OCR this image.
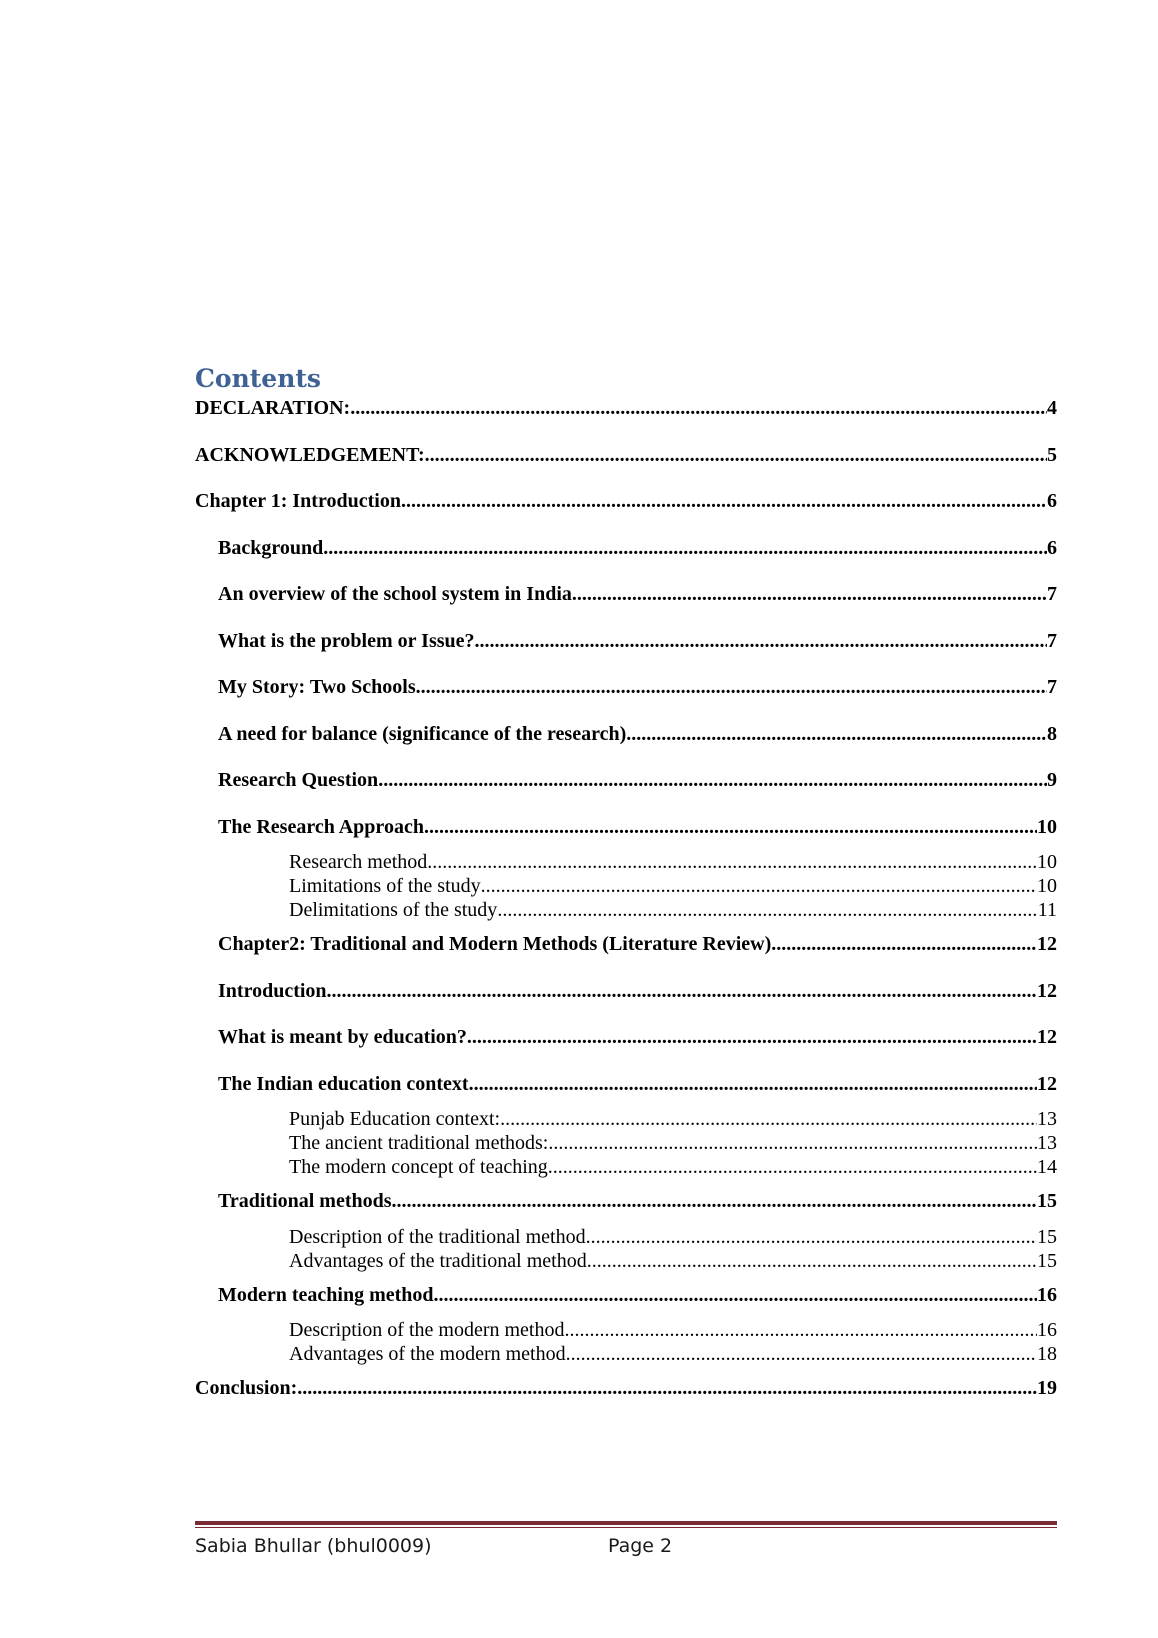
Contents
DECLARATION: .....	4
ACKNOWLEDGEMENT: .....	5
Chapter 1: Introduction .....	6
Background .....	6
An overview of the school system in India .....	7
What is the problem or Issue? .....	7
My Story: Two Schools .....	7
A need for balance (significance of the research) .....	8
Research Question .....	9
The Research Approach .....	10
Research method .....	10
Limitations of the study .....	10
Delimitations of the study .....	11
Chapter2: Traditional and Modern Methods (Literature Review) .....	12
Introduction .....	12
What is meant by education? .....	12
The Indian education context .....	12
Punjab Education context: .....	13
The ancient traditional methods: .....	13
The modern concept of teaching .....	14
Traditional methods .....	15
Description of the traditional method .....	15
Advantages of the traditional method .....	15
Modern teaching method .....	16
Description of the modern method .....	16
Advantages of the modern method .....	18
Conclusion: .....	19

Sabia Bhullar (bhul0009)	Page 2
